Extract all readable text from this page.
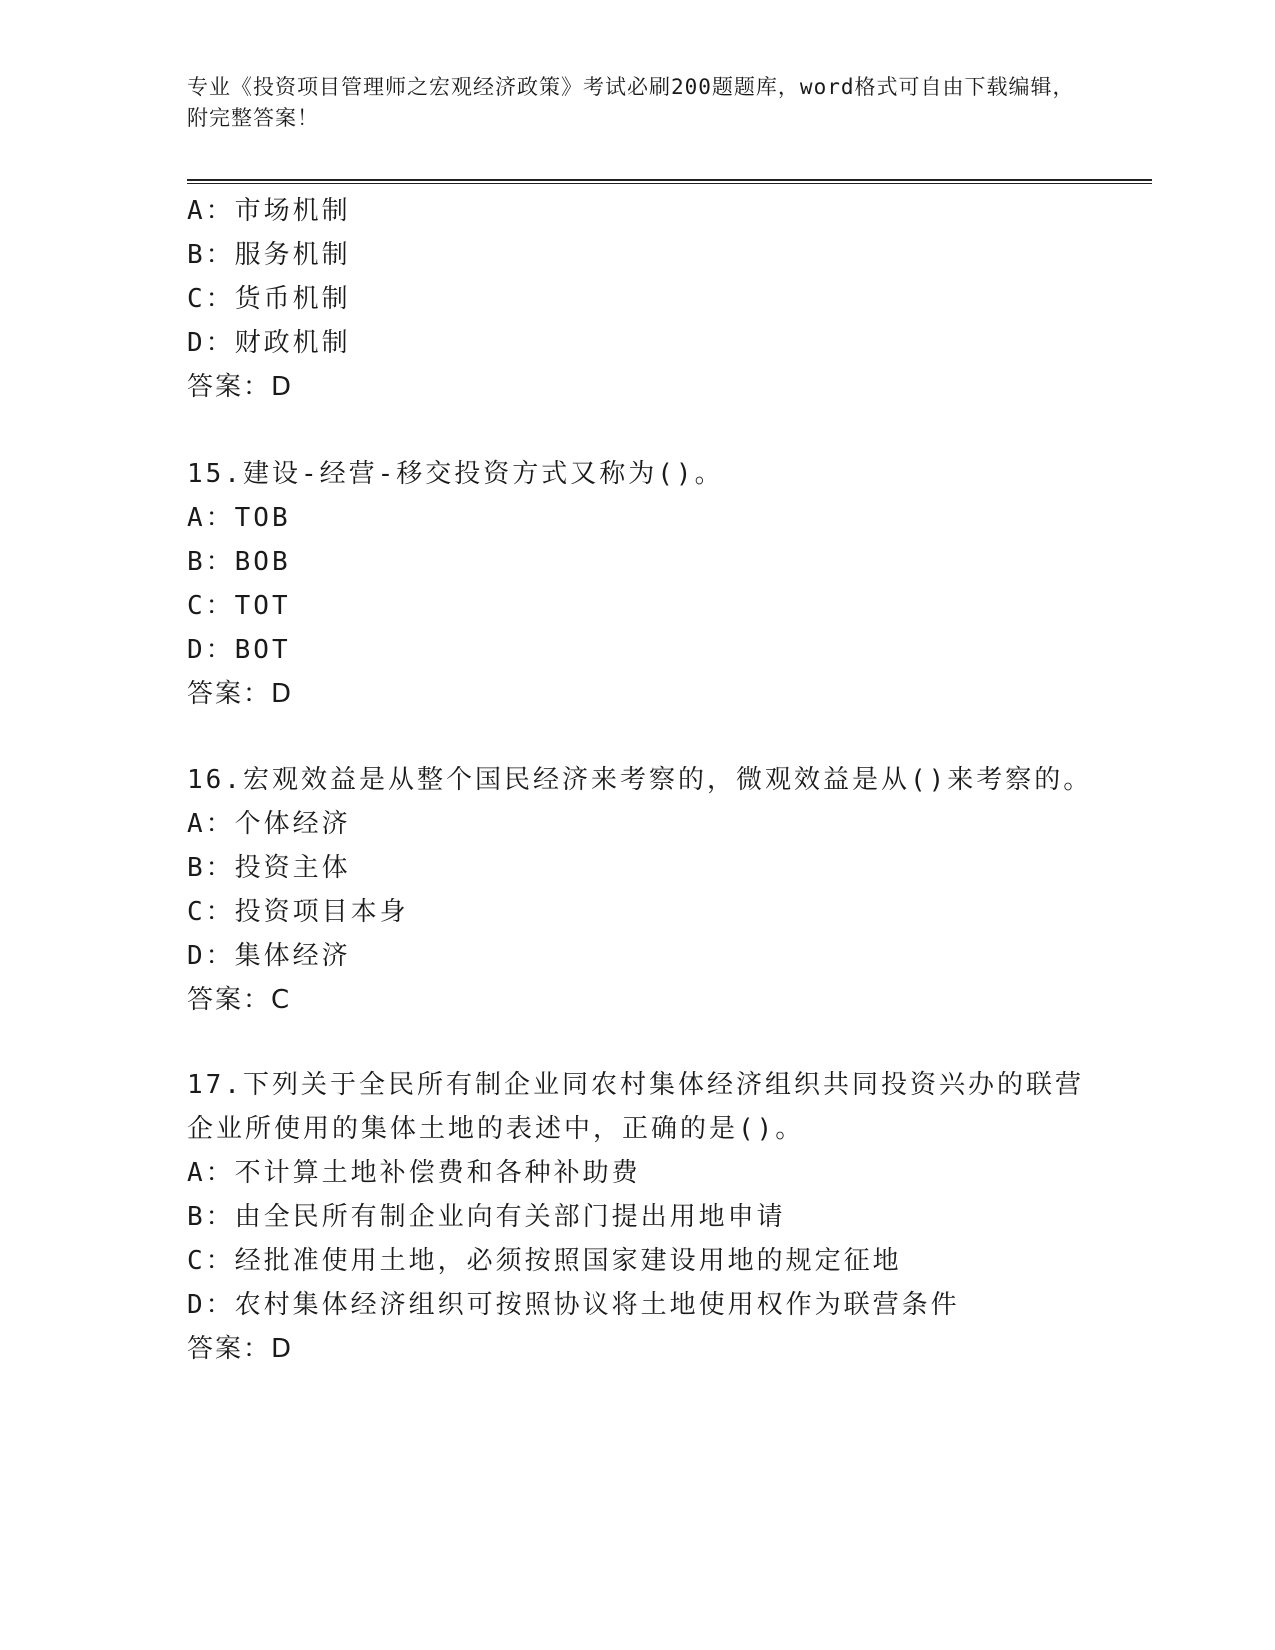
专业《投资项目管理师之宏观经济政策》考试必刷200题题库，word格式可自由下载编辑，附完整答案！

A：市场机制

B：服务机制

C：货币机制

D：财政机制

答案：D

15.建设-经营-移交投资方式又称为()。

A：TOB

B：BOB

C：TOT

D：BOT

答案：D

16.宏观效益是从整个国民经济来考察的，微观效益是从()来考察的。

A：个体经济

B：投资主体

C：投资项目本身

D：集体经济

答案：C

17.下列关于全民所有制企业同农村集体经济组织共同投资兴办的联营

企业所使用的集体土地的表述中，正确的是()。

A：不计算土地补偿费和各种补助费

B：由全民所有制企业向有关部门提出用地申请

C：经批准使用土地，必须按照国家建设用地的规定征地

D：农村集体经济组织可按照协议将土地使用权作为联营条件

答案：D
